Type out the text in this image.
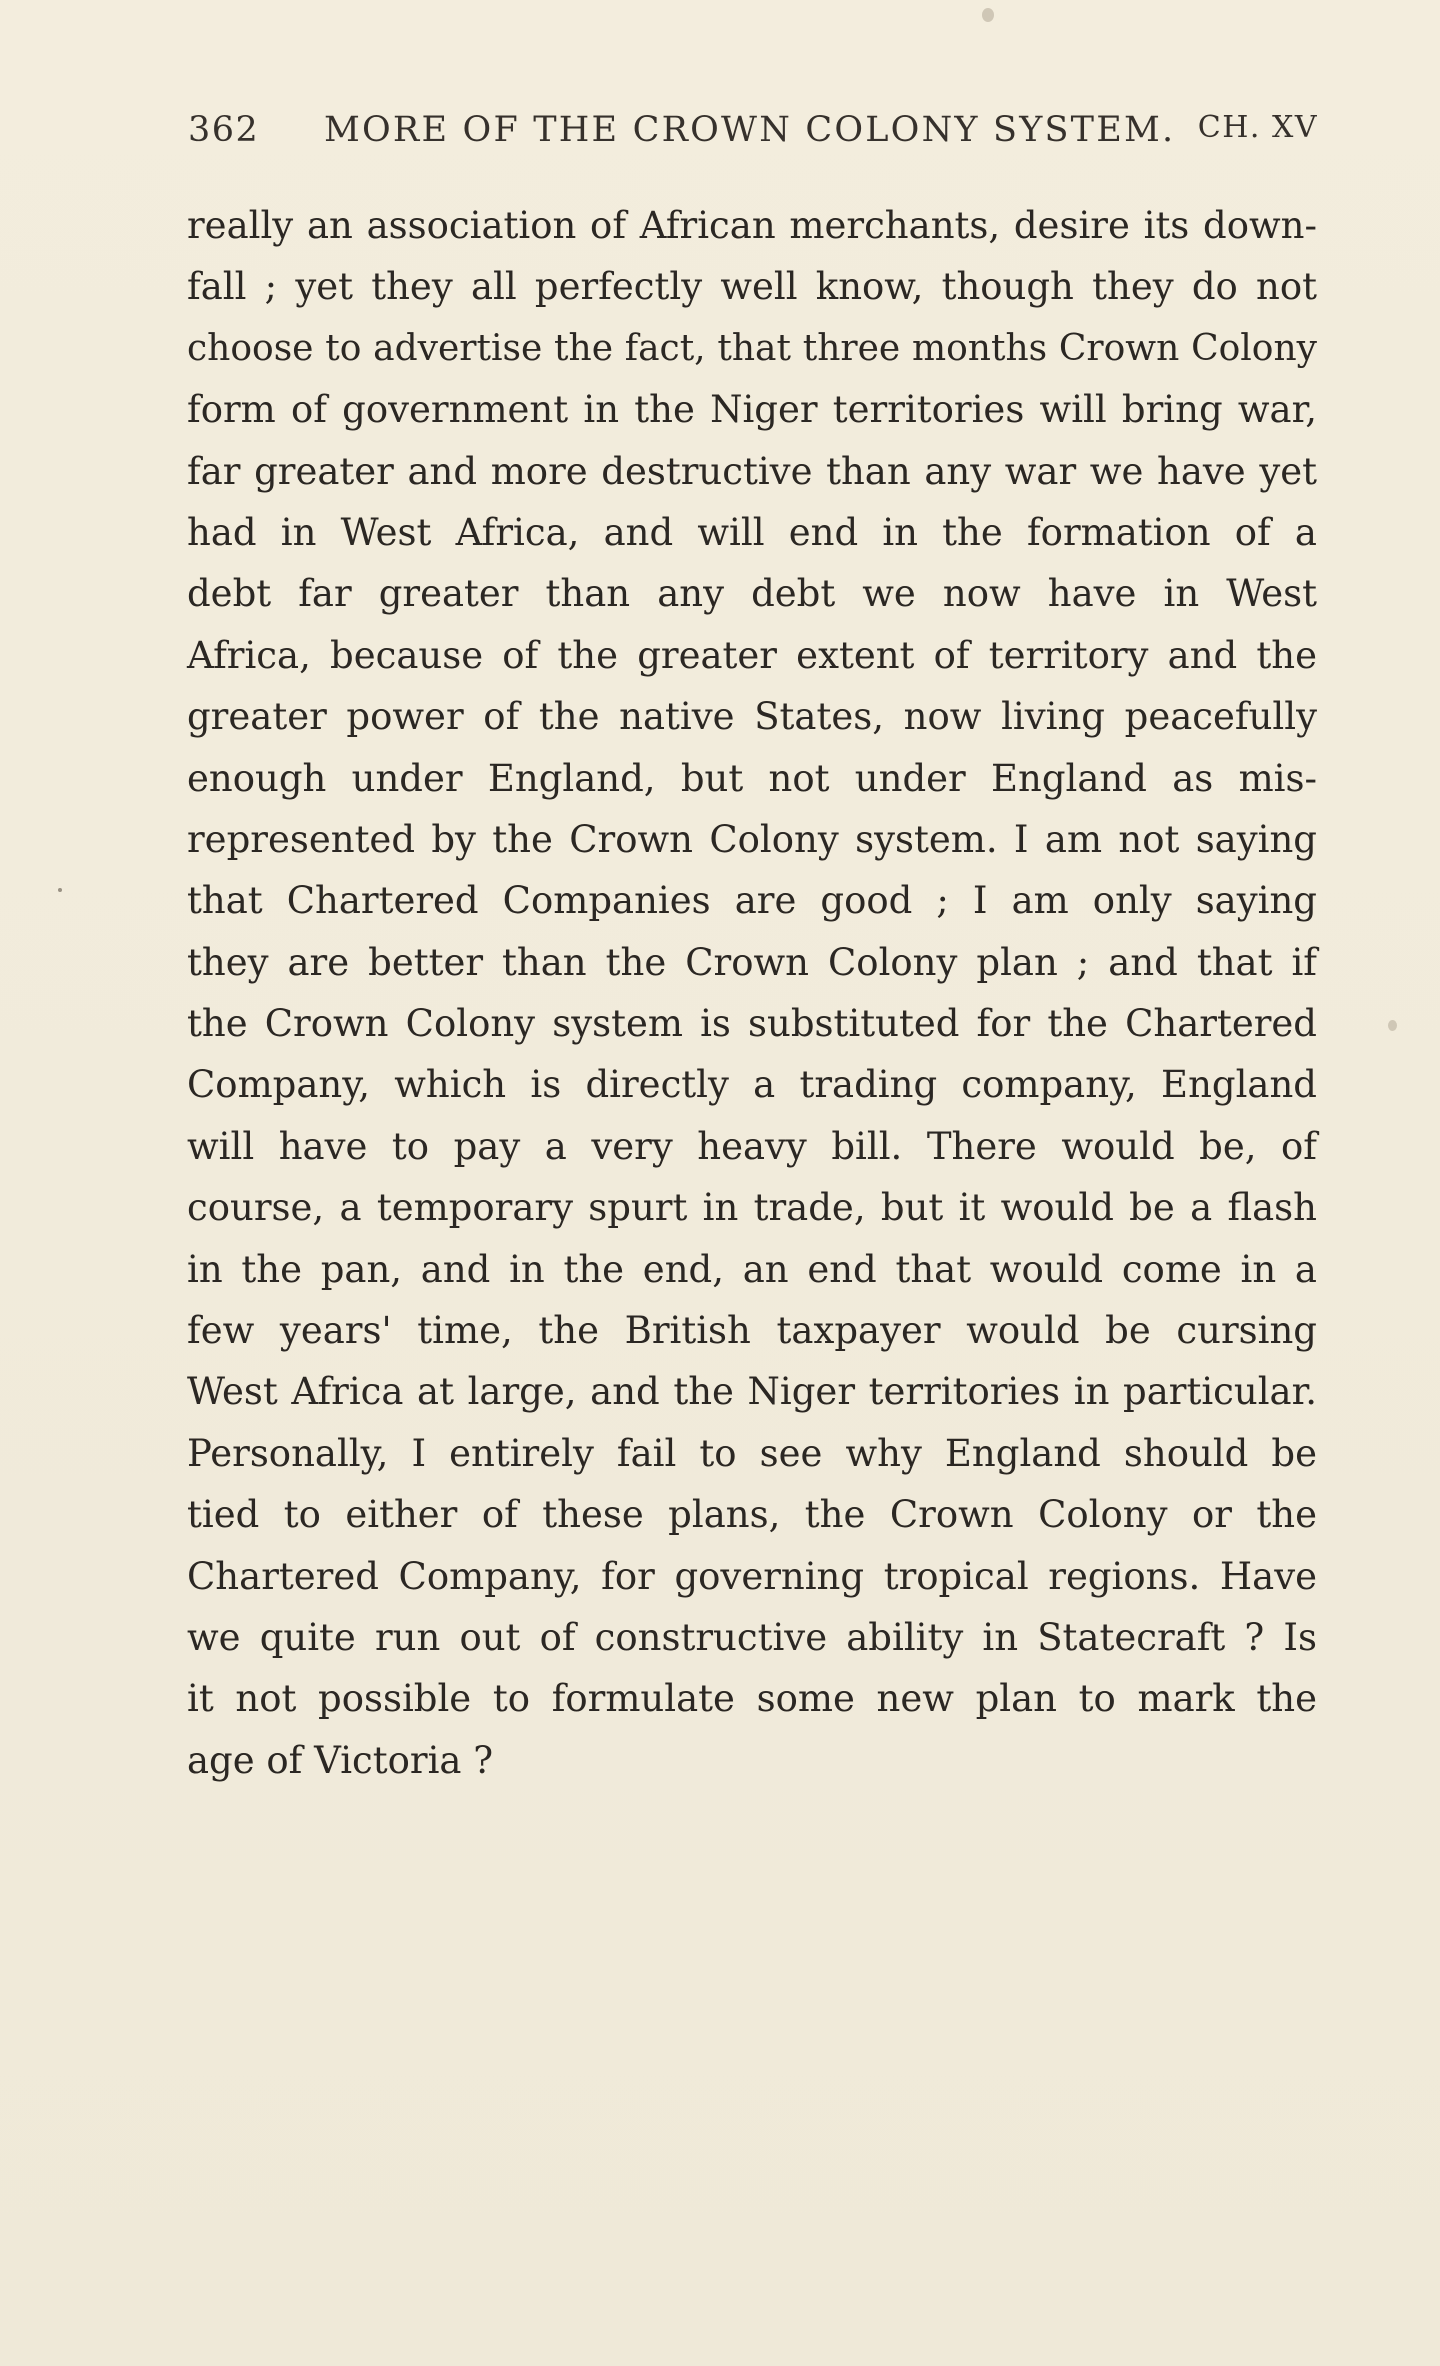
362 MORE OF THE CROWN COLONY SYSTEM. CH. XV
really an association of African merchants, desire its down-
fall ; yet they all perfectly well know, though they do not
choose to advertise the fact, that three months Crown Colony
form of government in the Niger territories will bring war,
far greater and more destructive than any war we have yet
had in West Africa, and will end in the formation of a
debt far greater than any debt we now have in West
Africa, because of the greater extent of territory and the
greater power of the native States, now living peacefully
enough under England, but not under England as mis-
represented by the Crown Colony system. I am not saying
that Chartered Companies are good ; I am only saying
they are better than the Crown Colony plan ; and that if
the Crown Colony system is substituted for the Chartered
Company, which is directly a trading company, England
will have to pay a very heavy bill. There would be, of
course, a temporary spurt in trade, but it would be a flash
in the pan, and in the end, an end that would come in a
few years' time, the British taxpayer would be cursing
West Africa at large, and the Niger territories in particular.
Personally, I entirely fail to see why England should be
tied to either of these plans, the Crown Colony or the
Chartered Company, for governing tropical regions. Have
we quite run out of constructive ability in Statecraft ? Is
it not possible to formulate some new plan to mark the
age of Victoria ?
